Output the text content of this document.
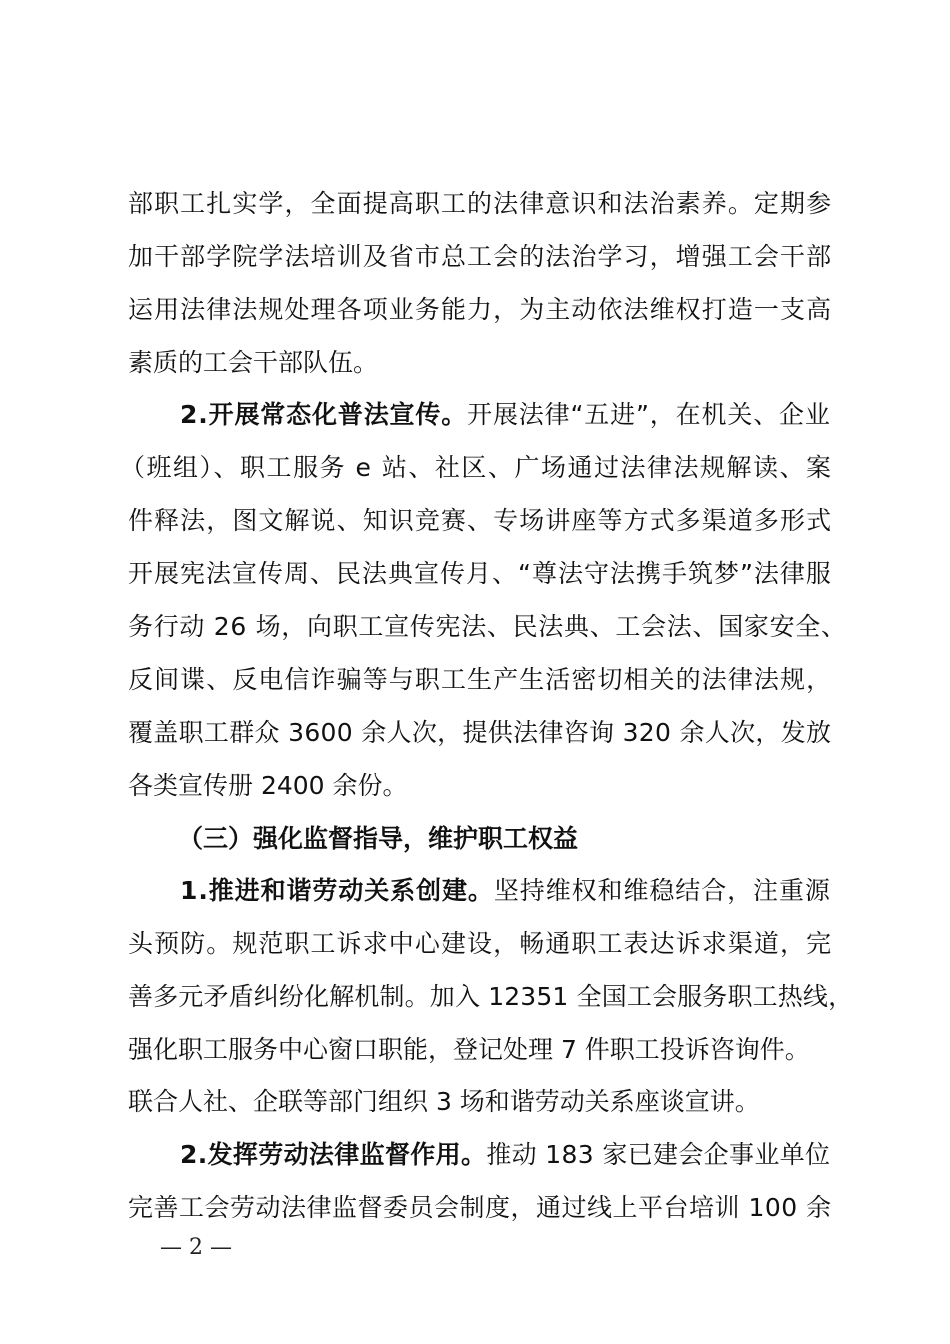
部职工扎实学，全面提高职工的法律意识和法治素养。定期参
加干部学院学法培训及省市总工会的法治学习，增强工会干部
运用法律法规处理各项业务能力，为主动依法维权打造一支高
素质的工会干部队伍。
2.开展常态化普法宣传。开展法律“五进”，在机关、企业
（班组）、职工服务 e 站、社区、广场通过法律法规解读、案
件释法，图文解说、知识竞赛、专场讲座等方式多渠道多形式
开展宪法宣传周、民法典宣传月、“尊法守法携手筑梦”法律服
务行动 26 场，向职工宣传宪法、民法典、工会法、国家安全、
反间谍、反电信诈骗等与职工生产生活密切相关的法律法规，
覆盖职工群众 3600 余人次，提供法律咨询 320 余人次，发放
各类宣传册 2400 余份。
（三）强化监督指导，维护职工权益
1.推进和谐劳动关系创建。坚持维权和维稳结合，注重源
头预防。规范职工诉求中心建设，畅通职工表达诉求渠道，完
善多元矛盾纠纷化解机制。加入 12351 全国工会服务职工热线，
强化职工服务中心窗口职能，登记处理 7 件职工投诉咨询件。
联合人社、企联等部门组织 3 场和谐劳动关系座谈宣讲。
2.发挥劳动法律监督作用。推动 183 家已建会企事业单位
完善工会劳动法律监督委员会制度，通过线上平台培训 100 余
— 2 —
